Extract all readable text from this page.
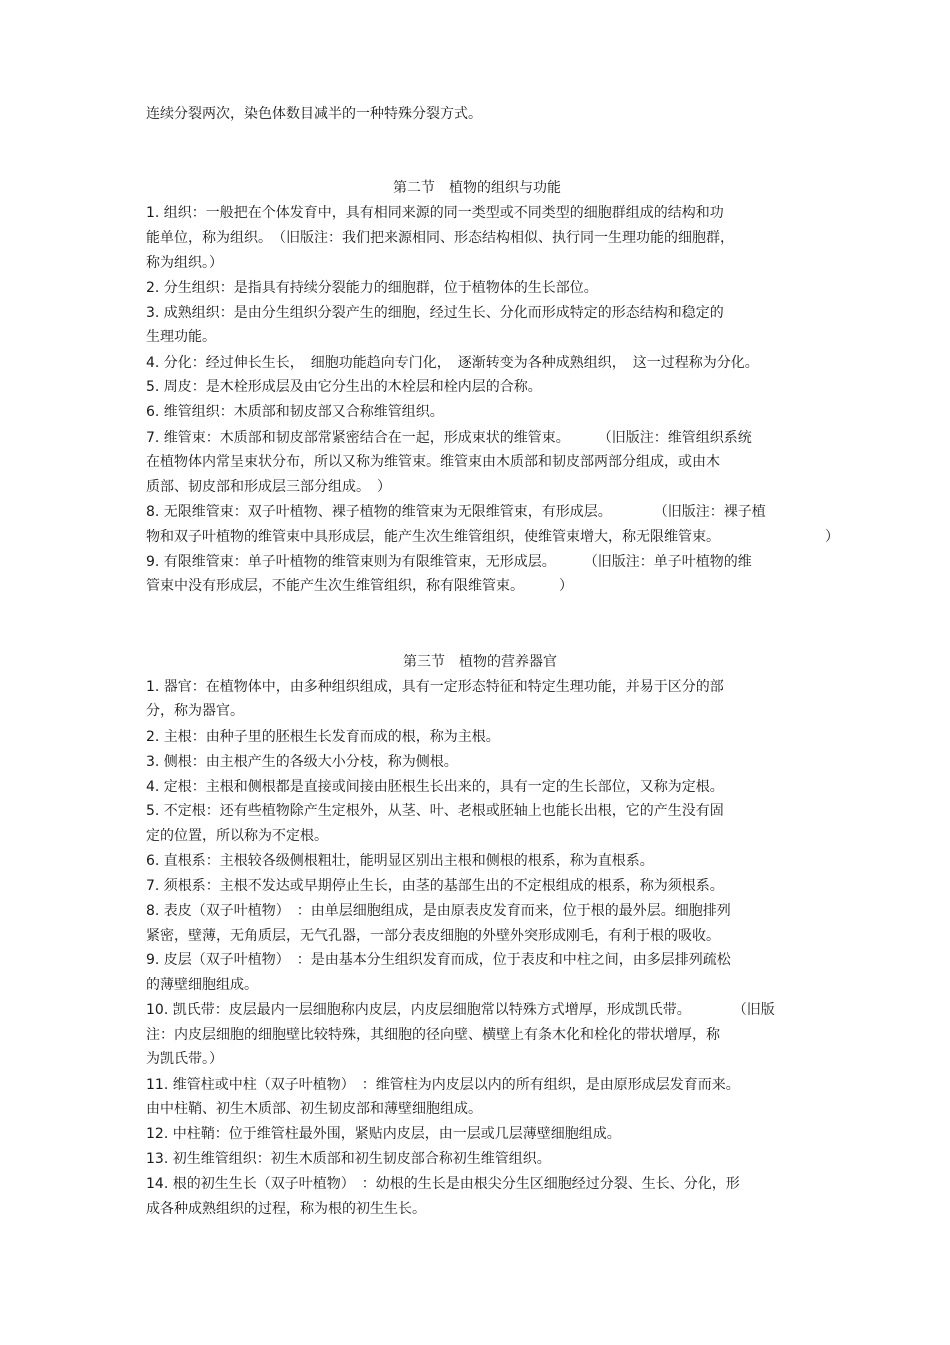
连续分裂两次，染色体数目减半的一种特殊分裂方式。
第二节　植物的组织与功能
1. 组织：一般把在个体发育中，具有相同来源的同一类型或不同类型的细胞群组成的结构和功
能单位，称为组织。　（旧版注：我们把来源相同、形态结构相似、执行同一生理功能的细胞群，
称为组织。）
2. 分生组织：是指具有持续分裂能力的细胞群，位于植物体的生长部位。
3. 成熟组织：是由分生组织分裂产生的细胞，经过生长、分化而形成特定的形态结构和稳定的
生理功能。
4. 分化：经过伸长生长，　细胞功能趋向专门化，　逐渐转变为各种成熟组织，　这一过程称为分化。
5. 周皮：是木栓形成层及由它分生出的木栓层和栓内层的合称。
6. 维管组织：木质部和韧皮部又合称维管组织。
7. 维管束：木质部和韧皮部常紧密结合在一起，形成束状的维管束。　　　（旧版注：维管组织系统
在植物体内常呈束状分布，所以又称为维管束。维管束由木质部和韧皮部两部分组成，或由木
质部、韧皮部和形成层三部分组成。　）
8. 无限维管束：双子叶植物、裸子植物的维管束为无限维管束，有形成层。　　　　（旧版注：裸子植
物和双子叶植物的维管束中具形成层，能产生次生维管组织，使维管束增大，称无限维管束。	）
9. 有限维管束：单子叶植物的维管束则为有限维管束，无形成层。　　　（旧版注：单子叶植物的维
管束中没有形成层，不能产生次生维管组织，称有限维管束。　　　）
第三节　植物的营养器官
1. 器官：在植物体中，由多种组织组成，具有一定形态特征和特定生理功能，并易于区分的部
分，称为器官。
2. 主根：由种子里的胚根生长发育而成的根，称为主根。
3. 侧根：由主根产生的各级大小分枝，称为侧根。
4. 定根：主根和侧根都是直接或间接由胚根生长出来的，具有一定的生长部位，又称为定根。
5. 不定根：还有些植物除产生定根外，从茎、叶、老根或胚轴上也能长出根，它的产生没有固
定的位置，所以称为不定根。
6. 直根系：主根较各级侧根粗壮，能明显区别出主根和侧根的根系，称为直根系。
7. 须根系：主根不发达或早期停止生长，由茎的基部生出的不定根组成的根系，称为须根系。
8. 表皮（双子叶植物）　：由单层细胞组成，是由原表皮发育而来，位于根的最外层。细胞排列
紧密，壁薄，无角质层，无气孔器，一部分表皮细胞的外壁外突形成刚毛，有利于根的吸收。
9. 皮层（双子叶植物）　：是由基本分生组织发育而成，位于表皮和中柱之间，由多层排列疏松
的薄壁细胞组成。
10. 凯氏带：皮层最内一层细胞称内皮层，内皮层细胞常以特殊方式增厚，形成凯氏带。　　　　（旧版
注：内皮层细胞的细胞壁比较特殊，其细胞的径向壁、横壁上有条木化和栓化的带状增厚，称
为凯氏带。）
11. 维管柱或中柱（双子叶植物）　：维管柱为内皮层以内的所有组织，是由原形成层发育而来。
由中柱鞘、初生木质部、初生韧皮部和薄壁细胞组成。
12. 中柱鞘：位于维管柱最外围，紧贴内皮层，由一层或几层薄壁细胞组成。
13. 初生维管组织：初生木质部和初生韧皮部合称初生维管组织。
14. 根的初生生长（双子叶植物）　：幼根的生长是由根尖分生区细胞经过分裂、生长、分化，形
成各种成熟组织的过程，称为根的初生生长。
